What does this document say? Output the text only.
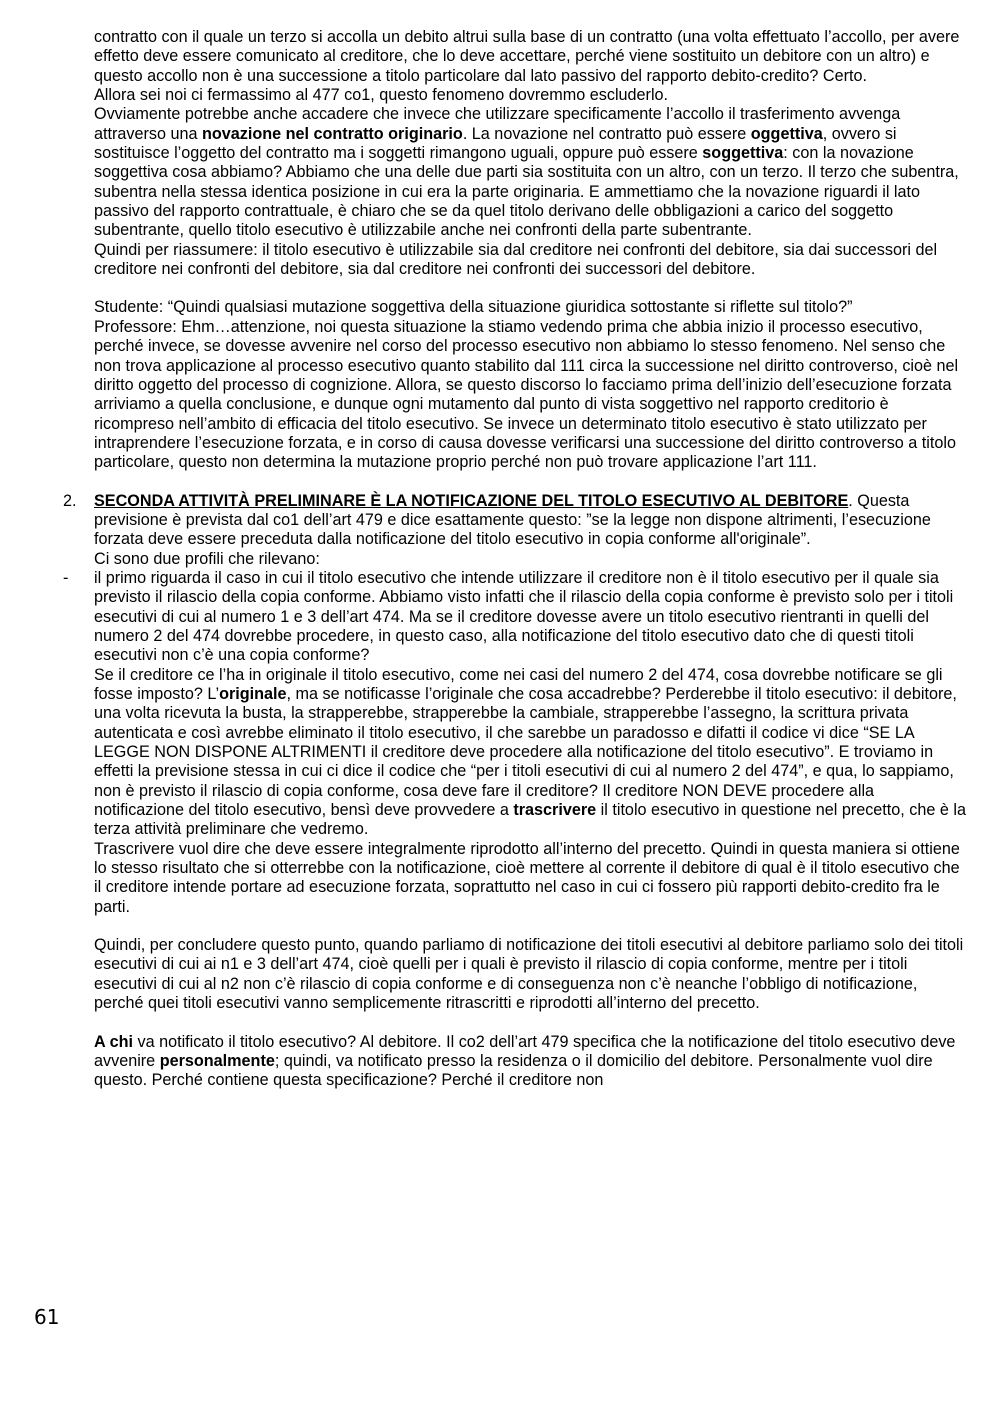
contratto con il quale un terzo si accolla un debito altrui sulla base di un contratto (una volta effettuato l’accollo, per avere effetto deve essere comunicato al creditore, che lo deve accettare, perché viene sostituito un debitore con un altro) e questo accollo non è una successione a titolo particolare dal lato passivo del rapporto debito-credito? Certo.

Allora sei noi ci fermassimo al 477 co1, questo fenomeno dovremmo escluderlo.

Ovviamente potrebbe anche accadere che invece che utilizzare specificamente l’accollo il trasferimento avvenga attraverso una novazione nel contratto originario. La novazione nel contratto può essere oggettiva, ovvero si sostituisce l’oggetto del contratto ma i soggetti rimangono uguali, oppure può essere soggettiva: con la novazione soggettiva cosa abbiamo? Abbiamo che una delle due parti sia sostituita con un altro, con un terzo. Il terzo che subentra, subentra nella stessa identica posizione in cui era la parte originaria. E ammettiamo che la novazione riguardi il lato passivo del rapporto contrattuale, è chiaro che se da quel titolo derivano delle obbligazioni a carico del soggetto subentrante, quello titolo esecutivo è utilizzabile anche nei confronti della parte subentrante.

Quindi per riassumere: il titolo esecutivo è utilizzabile sia dal creditore nei confronti del debitore, sia dai successori del creditore nei confronti del debitore, sia dal creditore nei confronti dei successori del debitore.

Studente: “Quindi qualsiasi mutazione soggettiva della situazione giuridica sottostante si riflette sul titolo?”

Professore: Ehm…attenzione, noi questa situazione la stiamo vedendo prima che abbia inizio il processo esecutivo, perché invece, se dovesse avvenire nel corso del processo esecutivo non abbiamo lo stesso fenomeno. Nel senso che non trova applicazione al processo esecutivo quanto stabilito dal 111 circa la successione nel diritto controverso, cioè nel diritto oggetto del processo di cognizione. Allora, se questo discorso lo facciamo prima dell’inizio dell’esecuzione forzata arriviamo a quella conclusione, e dunque ogni mutamento dal punto di vista soggettivo nel rapporto creditorio è ricompreso nell’ambito di efficacia del titolo esecutivo. Se invece un determinato titolo esecutivo è stato utilizzato per intraprendere l’esecuzione forzata, e in corso di causa dovesse verificarsi una successione del diritto controverso a titolo particolare, questo non determina la mutazione proprio perché non può trovare applicazione l’art 111.

2. SECONDA ATTIVITÀ PRELIMINARE È LA NOTIFICAZIONE DEL TITOLO ESECUTIVO AL DEBITORE. Questa previsione è prevista dal co1 dell’art 479 e dice esattamente questo: ”se la legge non dispone altrimenti, l’esecuzione forzata deve essere preceduta dalla notificazione del titolo esecutivo in copia conforme all'originale”.

Ci sono due profili che rilevano:

- il primo riguarda il caso in cui il titolo esecutivo che intende utilizzare il creditore non è il titolo esecutivo per il quale sia previsto il rilascio della copia conforme. Abbiamo visto infatti che il rilascio della copia conforme è previsto solo per i titoli esecutivi di cui al numero 1 e 3 dell’art 474. Ma se il creditore dovesse avere un titolo esecutivo rientranti in quelli del numero 2 del 474 dovrebbe procedere, in questo caso, alla notificazione del titolo esecutivo dato che di questi titoli esecutivi non c’è una copia conforme?

Se il creditore ce l’ha in originale il titolo esecutivo, come nei casi del numero 2 del 474, cosa dovrebbe notificare se gli fosse imposto? L’originale, ma se notificasse l’originale che cosa accadrebbe? Perderebbe il titolo esecutivo: il debitore, una volta ricevuta la busta, la strapperebbe, strapperebbe la cambiale, strapperebbe l’assegno, la scrittura privata autenticata e così avrebbe eliminato il titolo esecutivo, il che sarebbe un paradosso e difatti il codice vi dice “SE LA LEGGE NON DISPONE ALTRIMENTI il creditore deve procedere alla notificazione del titolo esecutivo”. E troviamo in effetti la previsione stessa in cui ci dice il codice che “per i titoli esecutivi di cui al numero 2 del 474”, e qua, lo sappiamo, non è previsto il rilascio di copia conforme, cosa deve fare il creditore? Il creditore NON DEVE procedere alla notificazione del titolo esecutivo, bensì deve provvedere a trascrivere il titolo esecutivo in questione nel precetto, che è la terza attività preliminare che vedremo.

Trascrivere vuol dire che deve essere integralmente riprodotto all’interno del precetto. Quindi in questa maniera si ottiene lo stesso risultato che si otterrebbe con la notificazione, cioè mettere al corrente il debitore di qual è il titolo esecutivo che il creditore intende portare ad esecuzione forzata, soprattutto nel caso in cui ci fossero più rapporti debito-credito fra le parti.

Quindi, per concludere questo punto, quando parliamo di notificazione dei titoli esecutivi al debitore parliamo solo dei titoli esecutivi di cui ai n1 e 3 dell’art 474, cioè quelli per i quali è previsto il rilascio di copia conforme, mentre per i titoli esecutivi di cui al n2 non c’è rilascio di copia conforme e di conseguenza non c’è neanche l’obbligo di notificazione, perché quei titoli esecutivi vanno semplicemente ritrascritti e riprodotti all’interno del precetto.

A chi va notificato il titolo esecutivo? Al debitore. Il co2 dell’art 479 specifica che la notificazione del titolo esecutivo deve avvenire personalmente; quindi, va notificato presso la residenza o il domicilio del debitore. Personalmente vuol dire questo. Perché contiene questa specificazione? Perché il creditore non

61
